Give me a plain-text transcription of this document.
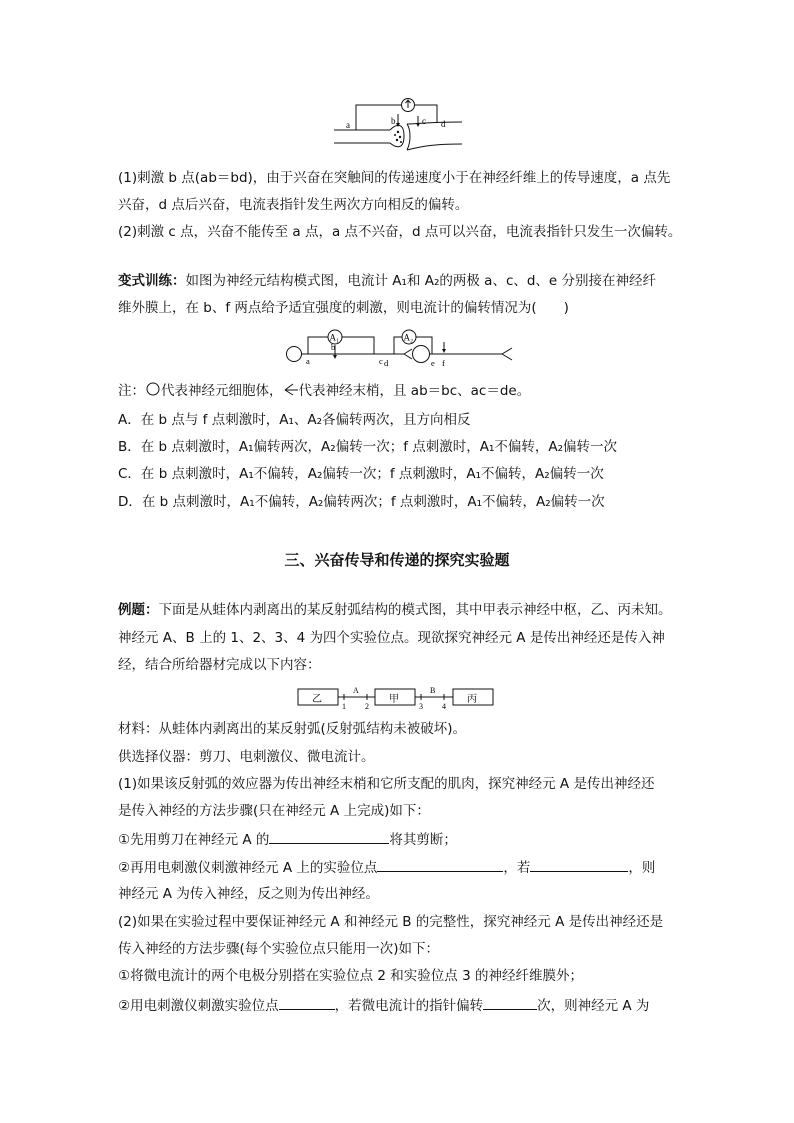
a	b	c d
(1)刺激 b 点(ab＝bd)，由于兴奋在突触间的传递速度小于在神经纤维上的传导速度，a 点先
兴奋，d 点后兴奋，电流表指针发生两次方向相反的偏转。
(2)刺激 c 点，兴奋不能传至 a 点，a 点不兴奋，d 点可以兴奋，电流表指针只发生一次偏转。
变式训练：如图为神经元结构模式图，电流计 A₁和 A₂的两极 a、c、d、e 分别接在神经纤
维外膜上，在 b、f 两点给予适宜强度的刺激，则电流计的偏转情况为(　　)
A₁	A₂
a
b
c d	e f
注： 代表神经元细胞体， 代表神经末梢，且 ab＝bc、ac＝de。
A．在 b 点与 f 点刺激时，A₁、A₂各偏转两次，且方向相反
B．在 b 点刺激时，A₁偏转两次，A₂偏转一次；f 点刺激时，A₁不偏转，A₂偏转一次
C．在 b 点刺激时，A₁不偏转，A₂偏转一次；f 点刺激时，A₁不偏转，A₂偏转一次
D．在 b 点刺激时，A₁不偏转，A₂偏转两次；f 点刺激时，A₁不偏转，A₂偏转一次
三、兴奋传导和传递的探究实验题
例题：下面是从蛙体内剥离出的某反射弧结构的模式图，其中甲表示神经中枢，乙、丙未知。
神经元 A、B 上的 1、2、3、4 为四个实验位点。现欲探究神经元 A 是传出神经还是传入神
经，结合所给器材完成以下内容：
乙	甲	丙
A	B
1 2	3 4
材料：从蛙体内剥离出的某反射弧(反射弧结构未被破坏)。
供选择仪器：剪刀、电刺激仪、微电流计。
(1)如果该反射弧的效应器为传出神经末梢和它所支配的肌肉，探究神经元 A 是传出神经还
是传入神经的方法步骤(只在神经元 A 上完成)如下：
①先用剪刀在神经元 A 的	将其剪断；
②再用电刺激仪刺激神经元 A 上的实验位点	，若	，则
神经元 A 为传入神经，反之则为传出神经。
(2)如果在实验过程中要保证神经元 A 和神经元 B 的完整性，探究神经元 A 是传出神经还是
传入神经的方法步骤(每个实验位点只能用一次)如下：
①将微电流计的两个电极分别搭在实验位点 2 和实验位点 3 的神经纤维膜外；
②用电刺激仪刺激实验位点	，若微电流计的指针偏转	次，则神经元 A 为
